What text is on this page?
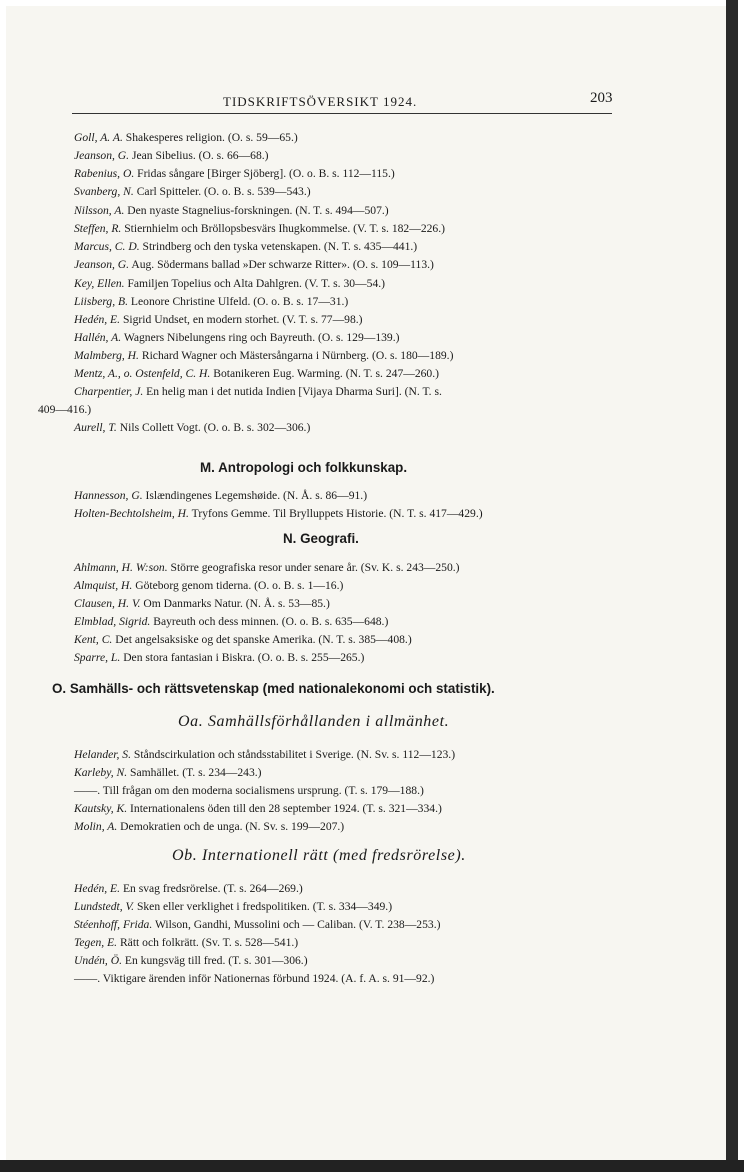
TIDSKRIFTSÖVERSIKT 1924.	203
Goll, A. A. Shakesperes religion. (O. s. 59—65.)
Jeanson, G. Jean Sibelius. (O. s. 66—68.)
Rabenius, O. Fridas sångare [Birger Sjöberg]. (O. o. B. s. 112—115.)
Svanberg, N. Carl Spitteler. (O. o. B. s. 539—543.)
Nilsson, A. Den nyaste Stagnelius-forskningen. (N. T. s. 494—507.)
Steffen, R. Stiernhielm och Bröllopsbesvärs Ihugkommelse. (V. T. s. 182—226.)
Marcus, C. D. Strindberg och den tyska vetenskapen. (N. T. s. 435—441.)
Jeanson, G. Aug. Södermans ballad »Der schwarze Ritter». (O. s. 109—113.)
Key, Ellen. Familjen Topelius och Alta Dahlgren. (V. T. s. 30—54.)
Liisberg, B. Leonore Christine Ulfeld. (O. o. B. s. 17—31.)
Hedén, E. Sigrid Undset, en modern storhet. (V. T. s. 77—98.)
Hallén, A. Wagners Nibelungens ring och Bayreuth. (O. s. 129—139.)
Malmberg, H. Richard Wagner och Mästersångarna i Nürnberg. (O. s. 180—189.)
Mentz, A., o. Ostenfeld, C. H. Botanikeren Eug. Warming. (N. T. s. 247—260.)
Charpentier, J. En helig man i det nutida Indien [Vijaya Dharma Suri]. (N. T. s.
409—416.)
Aurell, T. Nils Collett Vogt. (O. o. B. s. 302—306.)
M. Antropologi och folkkunskap.
Hannesson, G. Islændingenes Legemshøide. (N. Å. s. 86—91.)
Holten-Bechtolsheim, H. Tryfons Gemme. Til Brylluppets Historie. (N. T. s. 417—429.)
N. Geografi.
Ahlmann, H. W:son. Större geografiska resor under senare år. (Sv. K. s. 243—250.)
Almquist, H. Göteborg genom tiderna. (O. o. B. s. 1—16.)
Clausen, H. V. Om Danmarks Natur. (N. Å. s. 53—85.)
Elmblad, Sigrid. Bayreuth och dess minnen. (O. o. B. s. 635—648.)
Kent, C. Det angelsaksiske og det spanske Amerika. (N. T. s. 385—408.)
Sparre, L. Den stora fantasian i Biskra. (O. o. B. s. 255—265.)
O. Samhälls- och rättsvetenskap (med nationalekonomi och statistik).
Oa. Samhällsförhållanden i allmänhet.
Helander, S. Ståndscirkulation och ståndsstabilitet i Sverige. (N. Sv. s. 112—123.)
Karleby, N. Samhället. (T. s. 234—243.)
——. Till frågan om den moderna socialismens ursprung. (T. s. 179—188.)
Kautsky, K. Internationalens öden till den 28 september 1924. (T. s. 321—334.)
Molin, A. Demokratien och de unga. (N. Sv. s. 199—207.)
Ob. Internationell rätt (med fredsrörelse).
Hedén, E. En svag fredsrörelse. (T. s. 264—269.)
Lundstedt, V. Sken eller verklighet i fredspolitiken. (T. s. 334—349.)
Stéenhoff, Frida. Wilson, Gandhi, Mussolini och — Caliban. (V. T. 238—253.)
Tegen, E. Rätt och folkrätt. (Sv. T. s. 528—541.)
Undén, Ö. En kungsväg till fred. (T. s. 301—306.)
——. Viktigare ärenden inför Nationernas förbund 1924. (A. f. A. s. 91—92.)
